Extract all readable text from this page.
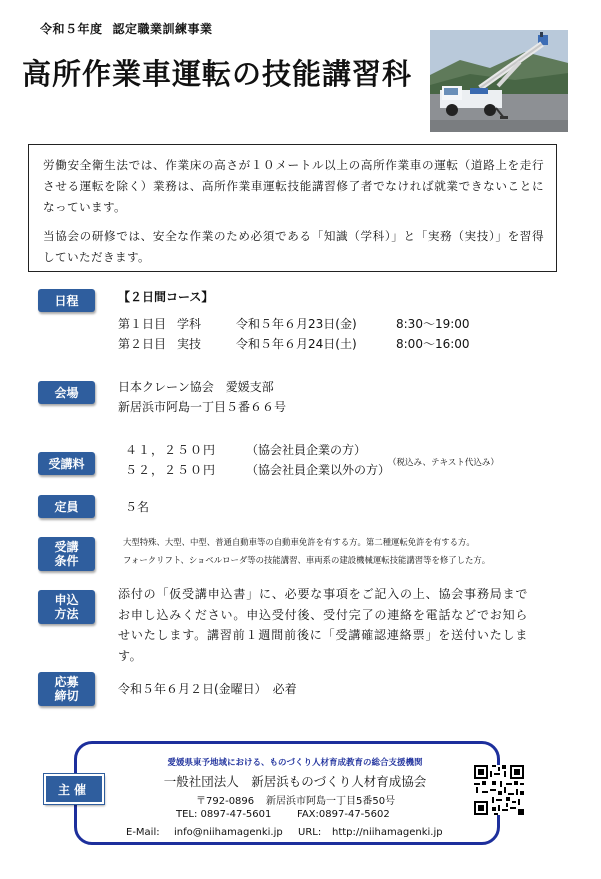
令和５年度 認定職業訓練事業
高所作業車運転の技能講習科

労働安全衛生法では、作業床の高さが１０メートル以上の高所作業車の運転（道路上を走行させる運転を除く）業務は、高所作業車運転技能講習修了者でなければ就業できないことになっています。

当協会の研修では、安全な作業のため必須である「知識（学科）」と「実務（実技）」を習得していただきます。

日程	【２日間コース】
第１日目 学科	令和５年６月23日(金)	8:30～19:00
第２日目 実技	令和５年６月24日(土)	8:00～16:00
会場	日本クレーン協会　愛媛支部
新居浜市阿島一丁目５番６６号
受講料
４１，２５０円 （協会社員企業の方）
５２，２５０円 （協会社員企業以外の方）
（税込み、テキスト代込み）
定員	５名
受講
条件
大型特殊、大型、中型、普通自動車等の自動車免許を有する方。第二種運転免許を有する方。
フォークリフト、ショベルローダ等の技能講習、車両系の建設機械運転技能講習等を修了した方。
申込
方法
添付の「仮受講申込書」に、必要な事項をご記入の上、協会事務局までお申し込みください。申込受付後、受付完了の連絡を電話などでお知らせいたします。講習前１週間前後に「受講確認連絡票」を送付いたします。
応募
締切	令和５年６月２日(金曜日）　必着
主催
愛媛県東予地域における、ものづくり人材育成教育の総合支援機関
一般社団法人　新居浜ものづくり人材育成協会
〒792-0896 新居浜市阿島一丁目5番50号
TEL: 0897-47-5601	FAX:0897-47-5602
E-Mail: info@niihamagenki.jp URL: http://niihamagenki.jp
